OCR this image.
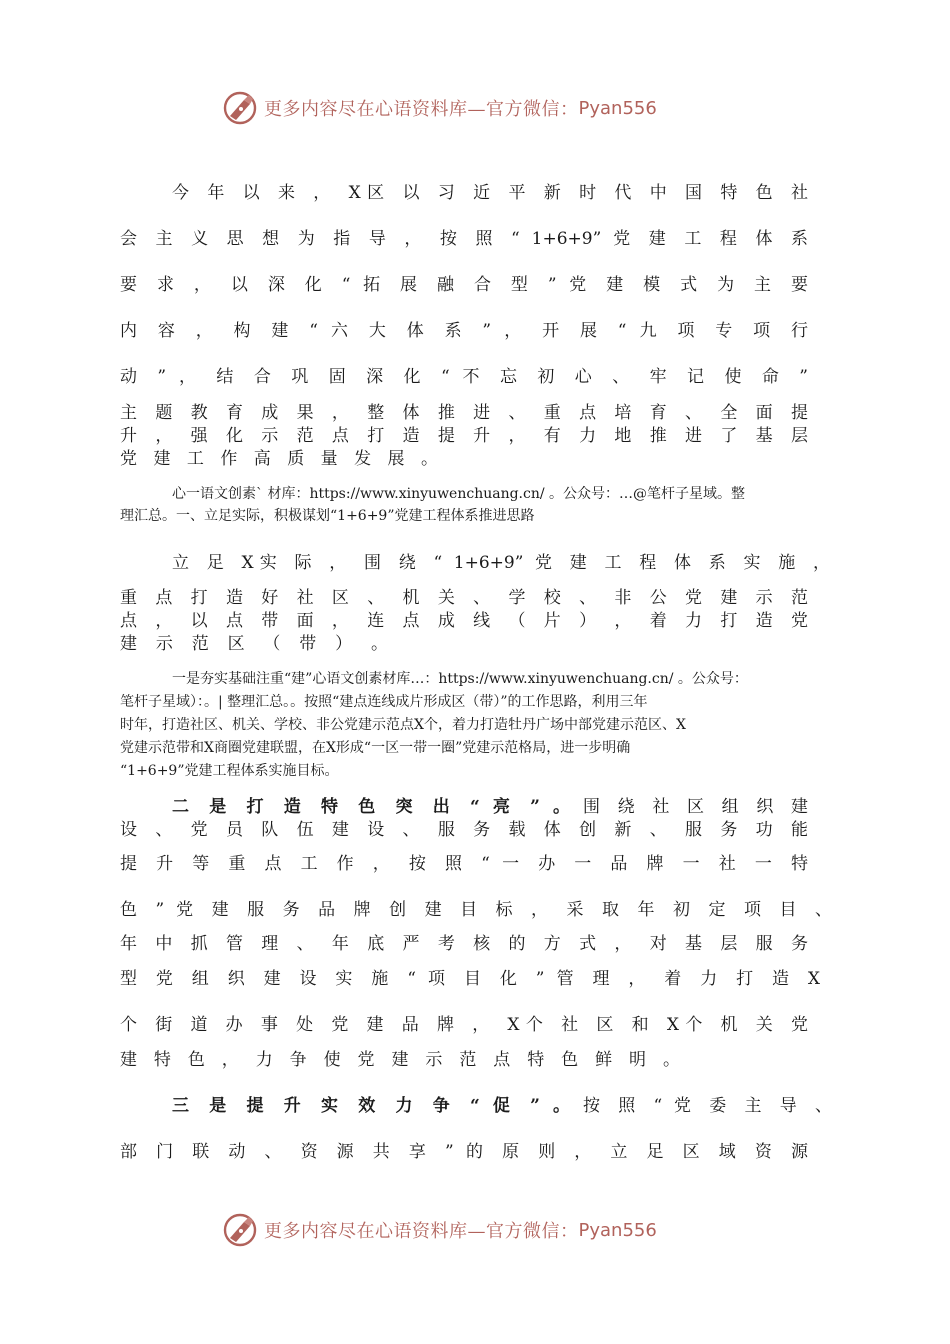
更多内容尽在心语资料库—官方微信： Pyan556
今 年 以 来 ， X区 以 习 近 平 新 时 代 中 国 特 色 社
会 主 义 思 想 为 指 导 ， 按 照 “ 1+6+9” 党 建 工 程 体 系
要 求 ， 以 深 化 “ 拓 展 融 合 型 ” 党 建 模 式 为 主 要
内 容 ， 构 建 “ 六 大 体 系 ” ， 开 展 “ 九 项 专 项 行
动 ” ， 结 合 巩 固 深 化 “ 不 忘 初 心 、 牢 记 使 命 ”
主 题 教 育 成 果 ， 整 体 推 进 、 重 点 培 育 、 全 面 提
升 ， 强 化 示 范 点 打 造 提 升 ， 有 力 地 推 进 了 基 层
党 建 工 作 高 质 量 发 展 。
心一语文创素` 材库：https://www.xinyuwenchuang.cn/ 。公众号：…@笔杆子星域。整
理汇总。一、立足实际，积极谋划“1+6+9”党建工程体系推进思路
立 足 X实 际 ， 围 绕 “ 1+6+9” 党 建 工 程 体 系 实 施 ，
重 点 打 造 好 社 区 、 机 关 、 学 校 、 非 公 党 建 示 范
点 ， 以 点 带 面 ， 连 点 成 线 （ 片 ） ， 着 力 打 造 党
建 示 范 区 （ 带 ） 。
一是夯实基础注重“建”心语文创素材库…：https://www.xinyuwenchuang.cn/ 。公众号：
笔杆子星域）：。| 整理汇总。。按照“建点连线成片形成区（带）”的工作思路，利用三年
时年，打造社区、机关、学校、非公党建示范点X个，着力打造牡丹广场中部党建示范区、X
党建示范带和X商圈党建联盟，在X形成“一区一带一圈”党建示范格局，进一步明确
“1+6+9”党建工程体系实施目标。
二 是 打 造 特 色 突 出 “ 亮 ” 。 围 绕 社 区 组 织 建
设 、 党 员 队 伍 建 设 、 服 务 载 体 创 新 、 服 务 功 能
提 升 等 重 点 工 作 ， 按 照 “ 一 办 一 品 牌 一 社 一 特
色 ” 党 建 服 务 品 牌 创 建 目 标 ， 采 取 年 初 定 项 目 、
年 中 抓 管 理 、 年 底 严 考 核 的 方 式 ， 对 基 层 服 务
型 党 组 织 建 设 实 施 “ 项 目 化 ” 管 理 ， 着 力 打 造 X
个 街 道 办 事 处 党 建 品 牌 ， X个 社 区 和 X个 机 关 党
建 特 色 ， 力 争 使 党 建 示 范 点 特 色 鲜 明 。
三 是 提 升 实 效 力 争 “ 促 ” 。 按 照 “ 党 委 主 导 、
部 门 联 动 、 资 源 共 享 ” 的 原 则 ， 立 足 区 域 资 源
更多内容尽在心语资料库—官方微信： Pyan556
